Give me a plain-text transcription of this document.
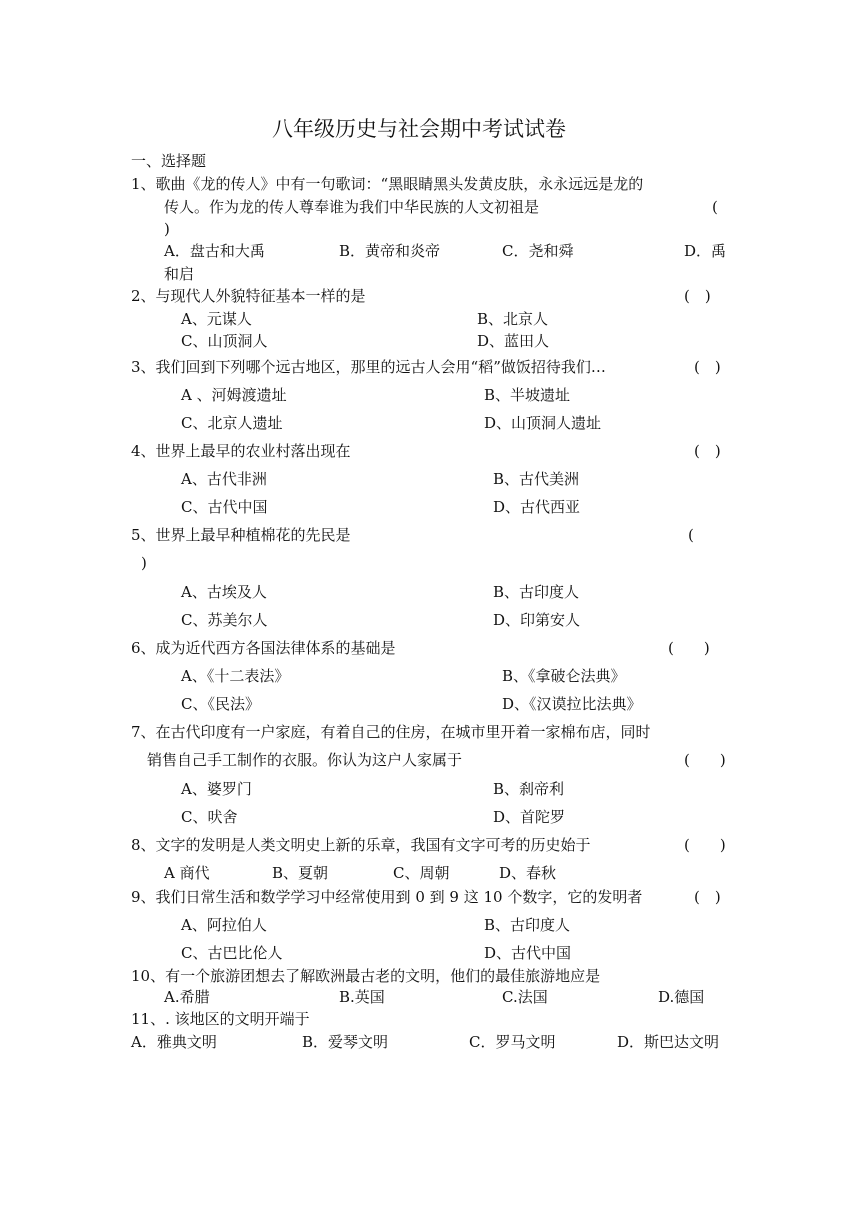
八年级历史与社会期中考试试卷
一、选择题
1、歌曲《龙的传人》中有一句歌词：“黑眼睛黑头发黄皮肤，永永远远是龙的
传人。作为龙的传人尊奉谁为我们中华民族的人文初祖是	(
)
A．盘古和大禹	B．黄帝和炎帝	C．尧和舜	D．禹
和启
2、与现代人外貌特征基本一样的是	(　)
A、元谋人	B、北京人
C、山顶洞人	D、蓝田人
3、我们回到下列哪个远古地区，那里的远古人会用“稻”做饭招待我们…	(　)
A 、河姆渡遗址	B、半坡遗址
C、北京人遗址	D、山顶洞人遗址
4、世界上最早的农业村落出现在	(　)
A、古代非洲	B、古代美洲
C、古代中国	D、古代西亚
5、世界上最早种植棉花的先民是	(
)
A、古埃及人	B、古印度人
C、苏美尔人	D、印第安人
6、成为近代西方各国法律体系的基础是	(　　)
A、《十二表法》	B、《拿破仑法典》
C、《民法》	D、《汉谟拉比法典》
7、在古代印度有一户家庭，有着自己的住房，在城市里开着一家棉布店，同时
销售自己手工制作的衣服。你认为这户人家属于	(　　)
A、婆罗门	B、刹帝利
C、吠舍	D、首陀罗
8、文字的发明是人类文明史上新的乐章，我国有文字可考的历史始于	(　　)
A 商代	B、夏朝	C、周朝	D、春秋
9、我们日常生活和数学学习中经常使用到 0 到 9 这 10 个数字，它的发明者	(　)
A、阿拉伯人	B、古印度人
C、古巴比伦人	D、古代中国
10、有一个旅游团想去了解欧洲最古老的文明，他们的最佳旅游地应是
A.希腊	B.英国	C.法国	D.德国
11、. 该地区的文明开端于
A．雅典文明	B．爱琴文明	C．罗马文明	D．斯巴达文明
